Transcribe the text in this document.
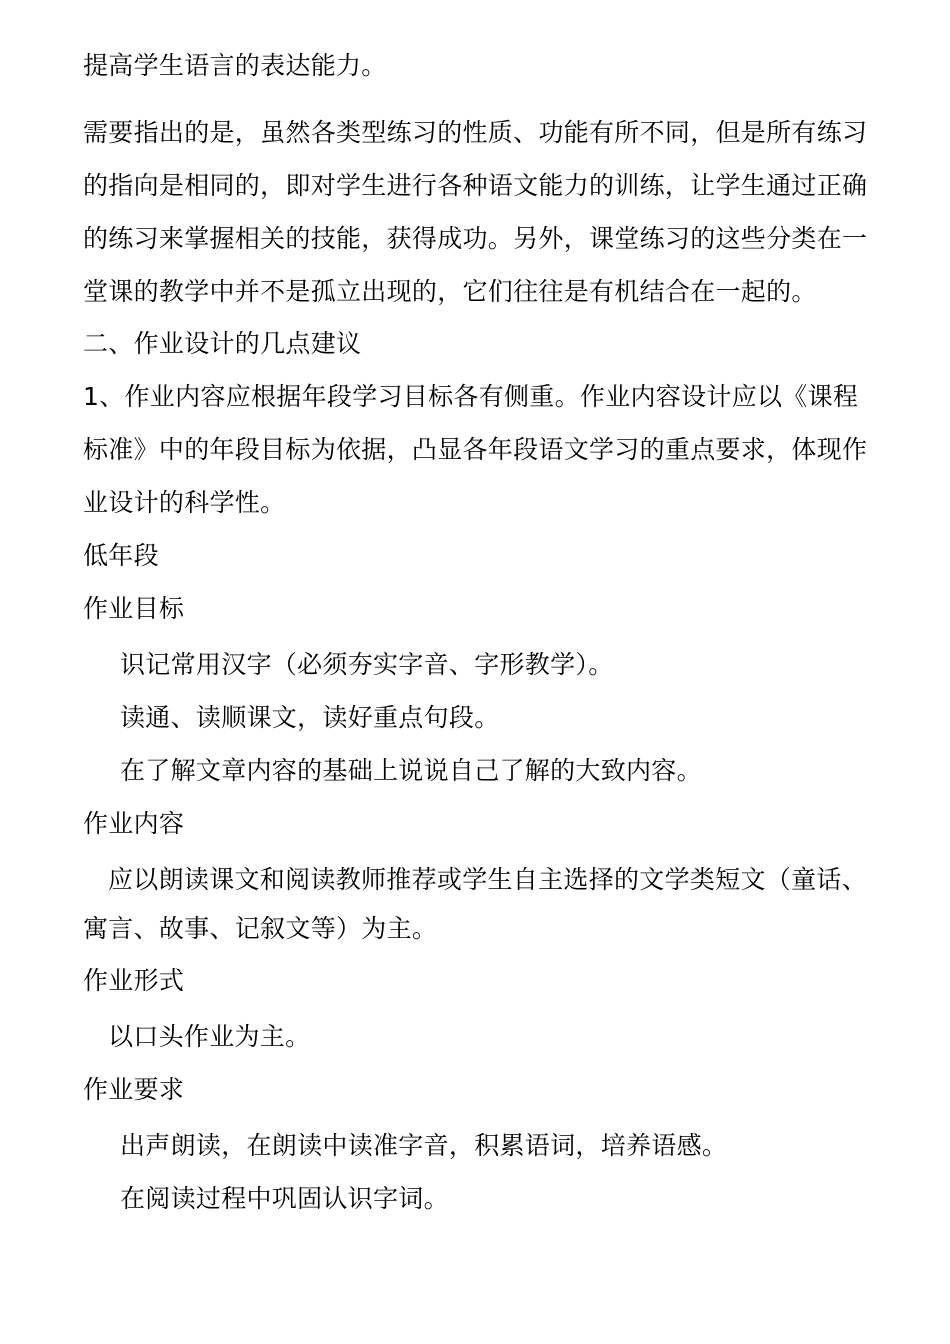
提高学生语言的表达能力。
需要指出的是，虽然各类型练习的性质、功能有所不同，但是所有练习
的指向是相同的，即对学生进行各种语文能力的训练，让学生通过正确
的练习来掌握相关的技能，获得成功。另外，课堂练习的这些分类在一
堂课的教学中并不是孤立出现的，它们往往是有机结合在一起的。
二、作业设计的几点建议
1、作业内容应根据年段学习目标各有侧重。作业内容设计应以《课程
标准》中的年段目标为依据，凸显各年段语文学习的重点要求，体现作
业设计的科学性。
低年段
作业目标
识记常用汉字（必须夯实字音、字形教学）。
读通、读顺课文，读好重点句段。
在了解文章内容的基础上说说自己了解的大致内容。
作业内容
应以朗读课文和阅读教师推荐或学生自主选择的文学类短文（童话、
寓言、故事、记叙文等）为主。
作业形式
以口头作业为主。
作业要求
出声朗读，在朗读中读准字音，积累语词，培养语感。
在阅读过程中巩固认识字词。
